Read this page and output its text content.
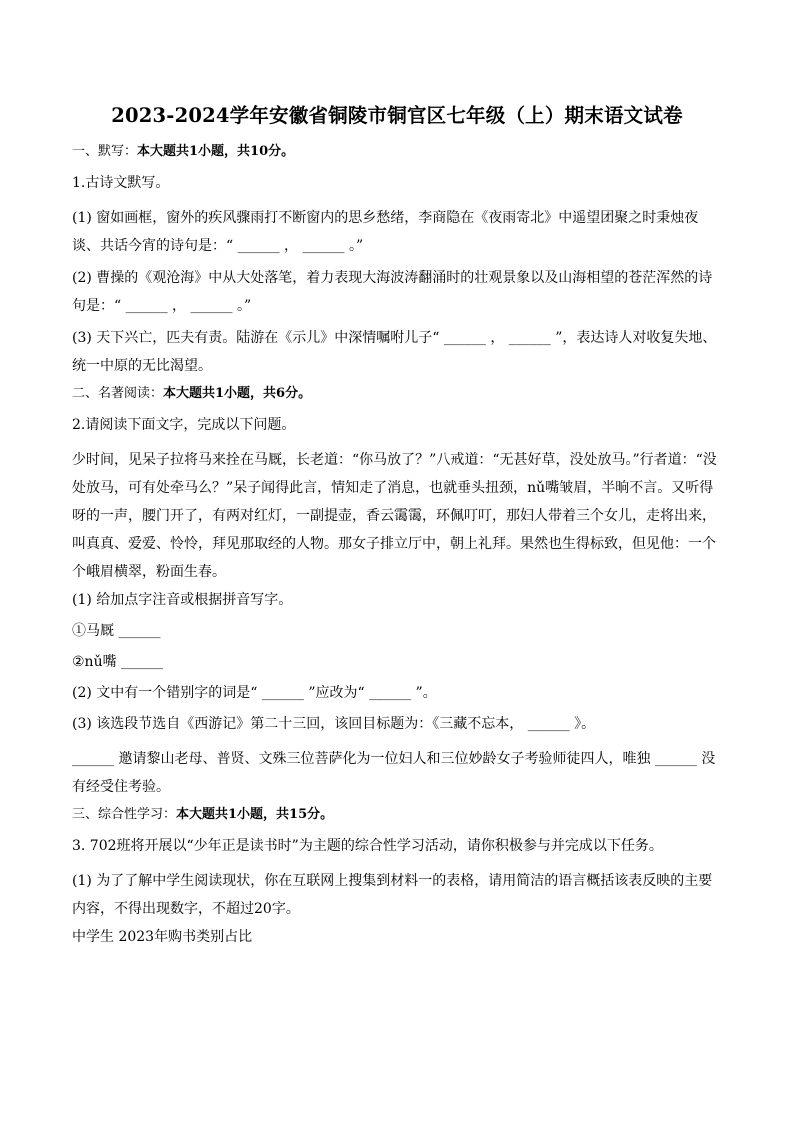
2023-2024学年安徽省铜陵市铜官区七年级（上）期末语文试卷
一、默写：本大题共1小题，共10分。
1.古诗文默写。
(1) 窗如画框，窗外的疾风骤雨打不断窗内的思乡愁绪，李商隐在《夜雨寄北》中遥望团聚之时秉烛夜谈、共话今宵的诗句是：“ ______ ， ______ 。”
(2) 曹操的《观沧海》中从大处落笔，着力表现大海波涛翻涌时的壮观景象以及山海相望的苍茫浑然的诗句是：“ ______ ， ______ 。”
(3) 天下兴亡，匹夫有责。陆游在《示儿》中深情嘱咐儿子“ ______ ， ______ ”，表达诗人对收复失地、统一中原的无比渴望。
二、名著阅读：本大题共1小题，共6分。
2.请阅读下面文字，完成以下问题。
少时间，见呆子拉将马来拴在马厩，长老道：“你马放了？”八戒道：“无甚好草，没处放马。”行者道：“没处放马，可有处牵马么？”呆子闻得此言，情知走了消息，也就垂头扭颈，nǔ嘴皱眉，半晌不言。又听得呀的一声，腰门开了，有两对红灯，一副提壶，香云霭霭，环佩叮叮，那妇人带着三个女儿，走将出来，叫真真、爱爱、怜怜，拜见那取经的人物。那女子排立厅中，朝上礼拜。果然也生得标致，但见他：一个个峨眉横翠，粉面生春。
(1) 给加点字注音或根据拼音写字。
①马厩 ______
②nǔ嘴 ______
(2) 文中有一个错别字的词是“ ______ ”应改为“ ______ ”。
(3) 该选段节选自《西游记》第二十三回，该回目标题为：《三藏不忘本， ______ 》。
______ 邀请黎山老母、普贤、文殊三位菩萨化为一位妇人和三位妙龄女子考验师徒四人，唯独 ______ 没有经受住考验。
三、综合性学习：本大题共1小题，共15分。
3. 702班将开展以“少年正是读书时”为主题的综合性学习活动，请你积极参与并完成以下任务。
(1) 为了了解中学生阅读现状，你在互联网上搜集到材料一的表格，请用简洁的语言概括该表反映的主要内容，不得出现数字，不超过20字。
中学生 2023年购书类别占比
